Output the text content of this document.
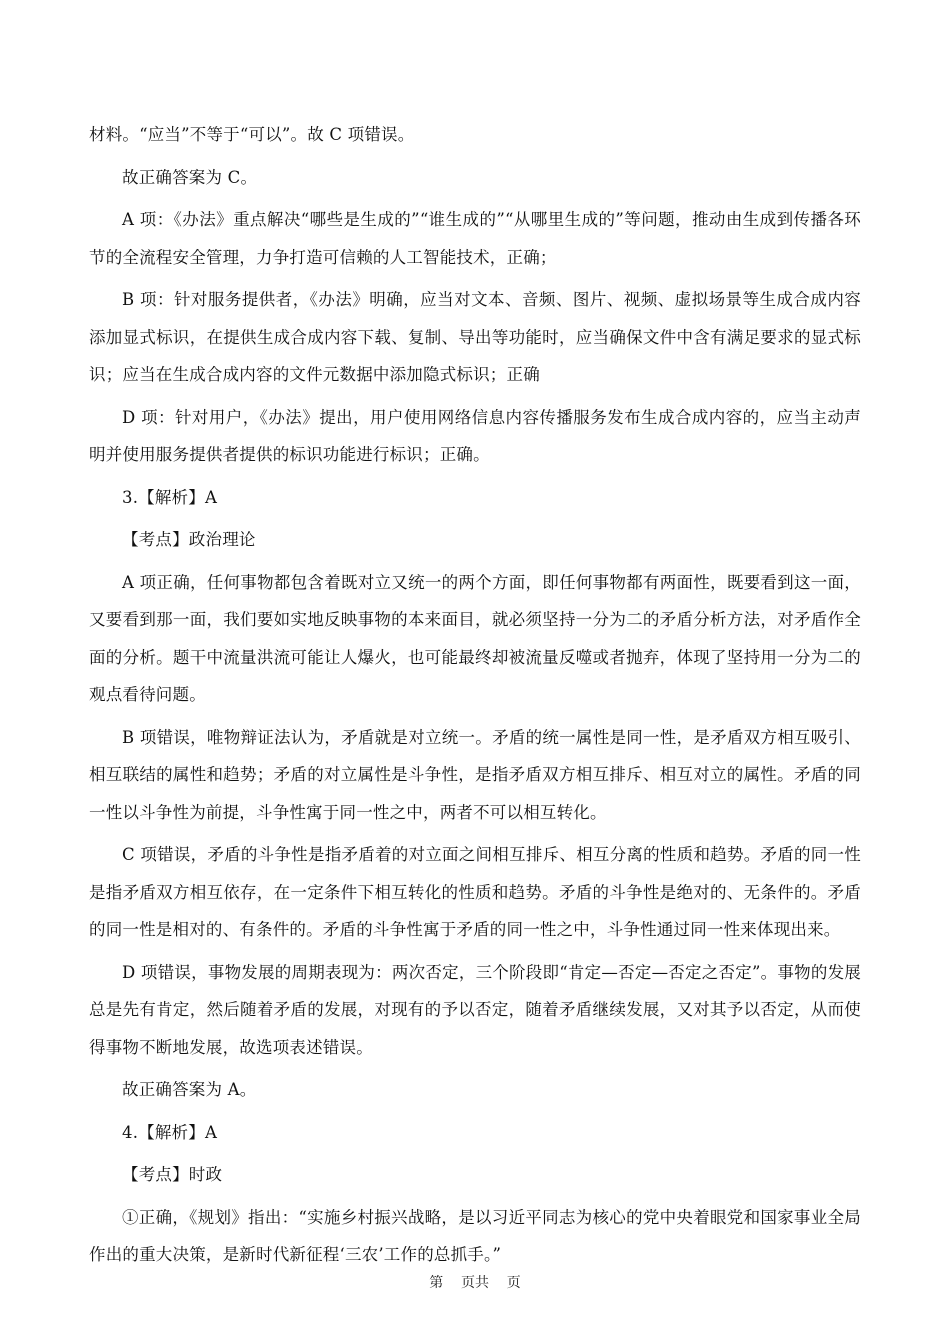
材料。“应当”不等于“可以”。故 C 项错误。

故正确答案为 C。

A 项：《办法》重点解决“哪些是生成的”“谁生成的”“从哪里生成的”等问题，推动由生成到传播各环节的全流程安全管理，力争打造可信赖的人工智能技术，正确；

B 项：针对服务提供者，《办法》明确，应当对文本、音频、图片、视频、虚拟场景等生成合成内容添加显式标识，在提供生成合成内容下载、复制、导出等功能时，应当确保文件中含有满足要求的显式标识；应当在生成合成内容的文件元数据中添加隐式标识；正确

D 项：针对用户，《办法》提出，用户使用网络信息内容传播服务发布生成合成内容的，应当主动声明并使用服务提供者提供的标识功能进行标识；正确。

3.【解析】A

【考点】政治理论

A 项正确，任何事物都包含着既对立又统一的两个方面，即任何事物都有两面性，既要看到这一面，又要看到那一面，我们要如实地反映事物的本来面目，就必须坚持一分为二的矛盾分析方法，对矛盾作全面的分析。题干中流量洪流可能让人爆火，也可能最终却被流量反噬或者抛弃，体现了坚持用一分为二的观点看待问题。

B 项错误，唯物辩证法认为，矛盾就是对立统一。矛盾的统一属性是同一性，是矛盾双方相互吸引、相互联结的属性和趋势；矛盾的对立属性是斗争性，是指矛盾双方相互排斥、相互对立的属性。矛盾的同一性以斗争性为前提，斗争性寓于同一性之中，两者不可以相互转化。

C 项错误，矛盾的斗争性是指矛盾着的对立面之间相互排斥、相互分离的性质和趋势。矛盾的同一性是指矛盾双方相互依存，在一定条件下相互转化的性质和趋势。矛盾的斗争性是绝对的、无条件的。矛盾的同一性是相对的、有条件的。矛盾的斗争性寓于矛盾的同一性之中，斗争性通过同一性来体现出来。

D 项错误，事物发展的周期表现为：两次否定，三个阶段即“肯定—否定—否定之否定”。事物的发展总是先有肯定，然后随着矛盾的发展，对现有的予以否定，随着矛盾继续发展，又对其予以否定，从而使得事物不断地发展，故选项表述错误。

故正确答案为 A。

4.【解析】A

【考点】时政

①正确，《规划》指出：“实施乡村振兴战略，是以习近平同志为核心的党中央着眼党和国家事业全局作出的重大决策，是新时代新征程‘三农’工作的总抓手。”

第    页共    页
